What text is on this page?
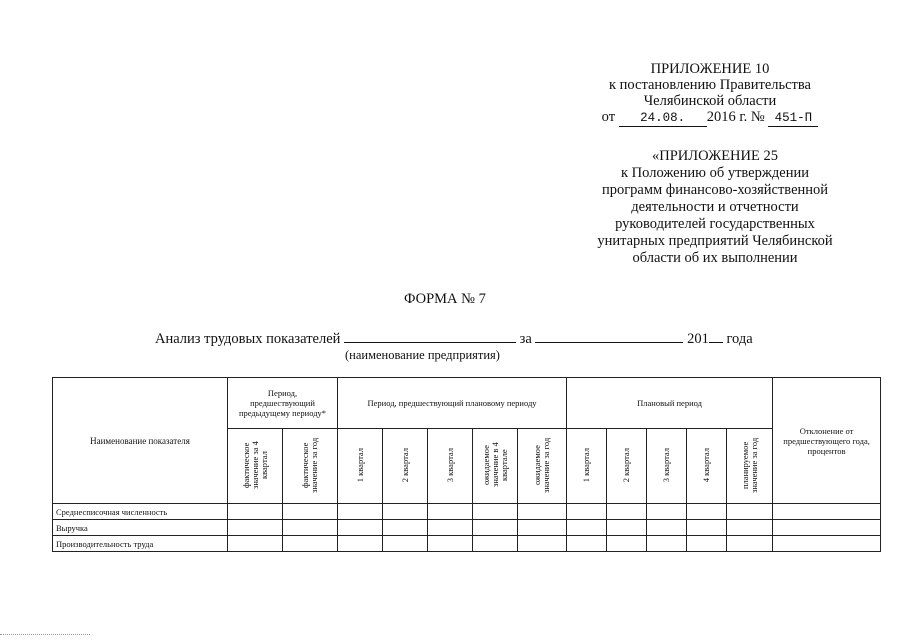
ПРИЛОЖЕНИЕ 10
к постановлению Правительства
Челябинской области
от 24.08. 2016 г. № 451-П
«ПРИЛОЖЕНИЕ 25
к Положению об утверждении
программ финансово-хозяйственной
деятельности и отчетности
руководителей государственных
унитарных предприятий Челябинской
области об их выполнении
ФОРМА № 7
Анализ трудовых показателей	за	201 года
(наименование предприятия)
Наименование показателя	Период, предшествующий предыдущему периоду*		Период, предшествующий плановому периоду					Плановый период					Отклонение от предшествующего года, процентов
	фактическое значение за 4 квартал	фактическое значение за год	1 квартал	2 квартал	3 квартал	ожидаемое значение в 4 квартале	ожидаемое значение за год	1 квартал	2 квартал	3 квартал	4 квартал	планируемое значение за год	
Среднесписочная численность													
Выручка													
Производительность труда													
